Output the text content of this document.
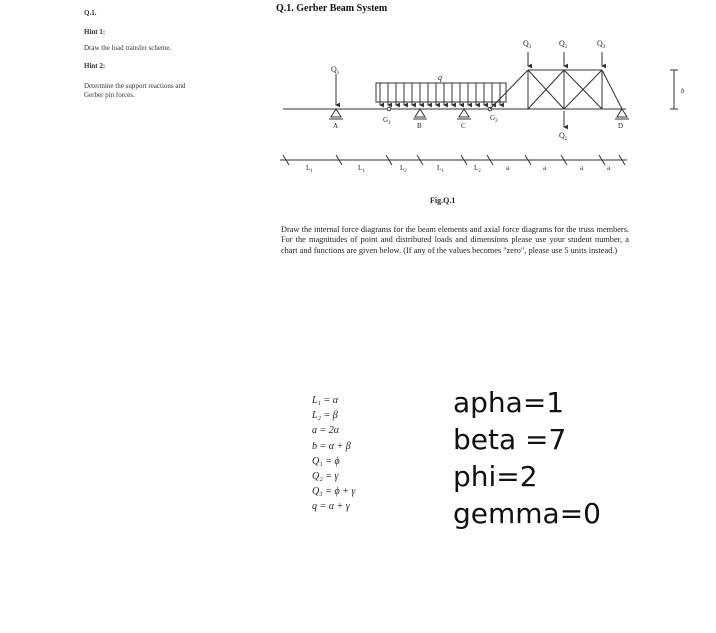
Q.1.
Hint 1:
Draw the load transfer scheme.
Hint 2:
Determine the support reactions and
Gerber pin forces.
Q.1. Gerber Beam System
$Q_1$	q
$Q_3$	$Q_3$	$Q_3$
$Q_2$
A	B	C	D
$G_1$
$G_2$
b
$L_1$	$L_1$	$L_2$	$L_1$	$L_2$	a	a	a	a
Fig.Q.1
Draw the internal force diagrams for the beam elements and axial force diagrams for the truss members. For the magnitudes of point and distributed loads and dimensions please use your student number, a chart and functions are given below. (If any of the values becomes "zero", please use 5 units instead.)
L₁ = α
L₂ = β
a = 2α
b = α + β
Q₁ = ϕ
Q₂ = γ
Q₃ = ϕ + γ
q = α + γ
apha=1
beta =7
phi=2
gemma=0
